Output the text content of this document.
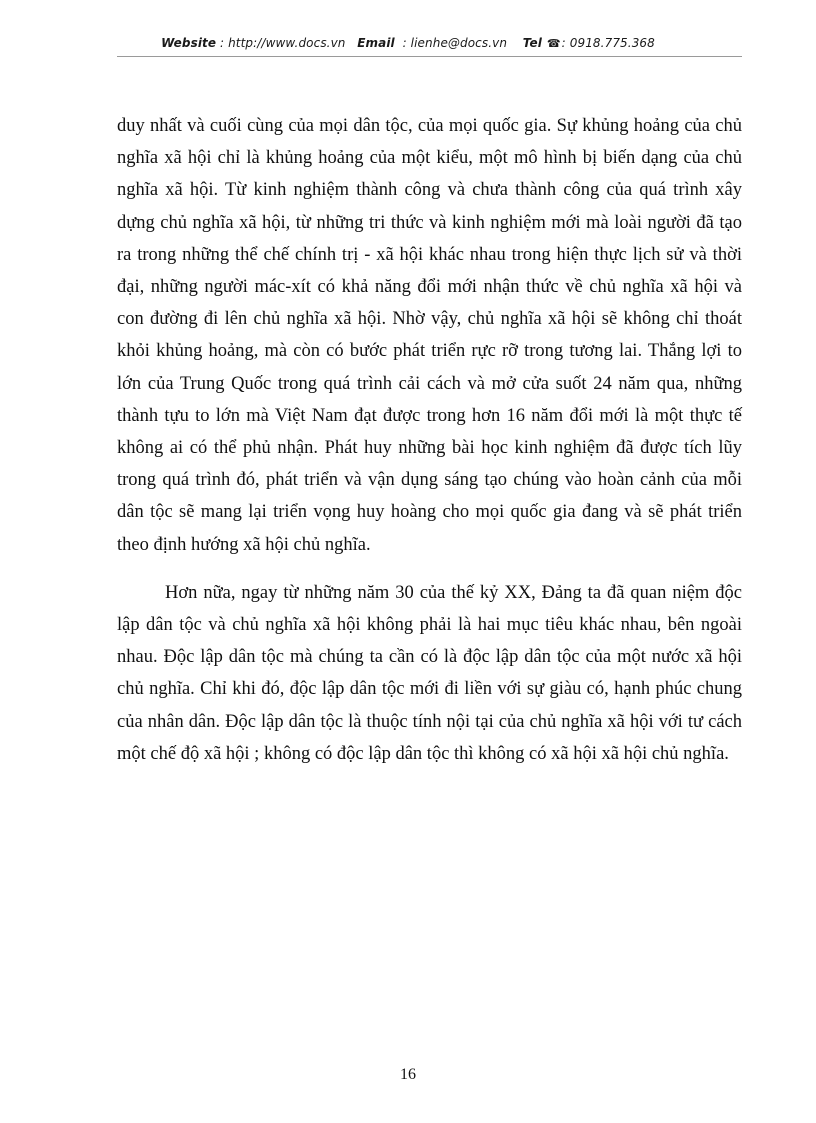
Website : http://www.docs.vn Email : lienhe@docs.vn Tel ☎: 0918.775.368

duy nhất và cuối cùng của mọi dân tộc, của mọi quốc gia. Sự khủng hoảng của chủ nghĩa xã hội chỉ là khủng hoảng của một kiểu, một mô hình bị biến dạng của chủ nghĩa xã hội. Từ kinh nghiệm thành công và chưa thành công của quá trình xây dựng chủ nghĩa xã hội, từ những tri thức và kinh nghiệm mới mà loài người đã tạo ra trong những thể chế chính trị - xã hội khác nhau trong hiện thực lịch sử và thời đại, những người mác-xít có khả năng đổi mới nhận thức về chủ nghĩa xã hội và con đường đi lên chủ nghĩa xã hội. Nhờ vậy, chủ nghĩa xã hội sẽ không chỉ thoát khỏi khủng hoảng, mà còn có bước phát triển rực rỡ trong tương lai. Thắng lợi to lớn của Trung Quốc trong quá trình cải cách và mở cửa suốt 24 năm qua, những thành tựu to lớn mà Việt Nam đạt được trong hơn 16 năm đổi mới là một thực tế không ai có thể phủ nhận. Phát huy những bài học kinh nghiệm đã được tích lũy trong quá trình đó, phát triển và vận dụng sáng tạo chúng vào hoàn cảnh của mỗi dân tộc sẽ mang lại triển vọng huy hoàng cho mọi quốc gia đang và sẽ phát triển theo định hướng xã hội chủ nghĩa.

Hơn nữa, ngay từ những năm 30 của thế kỷ XX, Đảng ta đã quan niệm độc lập dân tộc và chủ nghĩa xã hội không phải là hai mục tiêu khác nhau, bên ngoài nhau. Độc lập dân tộc mà chúng ta cần có là độc lập dân tộc của một nước xã hội chủ nghĩa. Chỉ khi đó, độc lập dân tộc mới đi liền với sự giàu có, hạnh phúc chung của nhân dân. Độc lập dân tộc là thuộc tính nội tại của chủ nghĩa xã hội với tư cách một chế độ xã hội ; không có độc lập dân tộc thì không có xã hội xã hội chủ nghĩa.

16
